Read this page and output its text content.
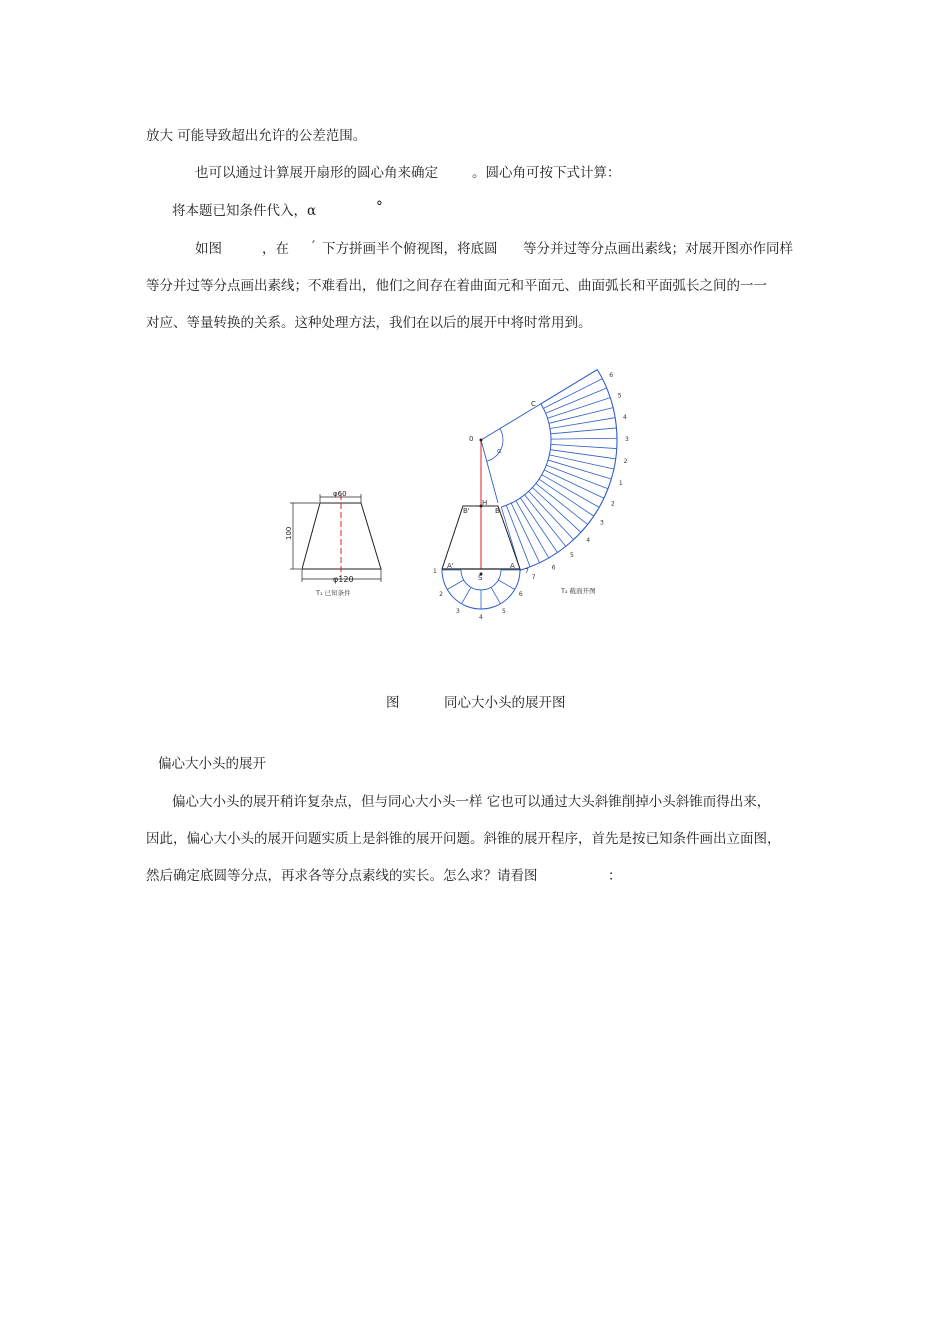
放大 可能导致超出允许的公差范围。
也可以通过计算展开扇形的圆心角来确定	。圆心角可按下式计算：
将本题已知条件代入，α	°
如图	，在 ′ 下方拼画半个俯视图，将底圆 等分并过等分点画出素线；对展开图亦作同样
等分并过等分点画出素线；不难看出，他们之间存在着曲面元和平面元、曲面弧长和平面弧长之间的一一
对应、等量转换的关系。这种处理方法，我们在以后的展开中将时常用到。
φ60
100
φ120
T₁ 已知条件
0
α
C
H
B'	B
A'	A
S
T₂ 截面开图
1
2
3
4
5
6
7
7
6
5
4
3
2
1
2
3
4
5
6
图	同心大小头的展开图
偏心大小头的展开
偏心大小头的展开稍许复杂点，但与同心大小头一样 它也可以通过大头斜锥削掉小头斜锥而得出来，
因此，偏心大小头的展开问题实质上是斜锥的展开问题。斜锥的展开程序，首先是按已知条件画出立面图，
然后确定底圆等分点，再求各等分点素线的实长。怎么求？请看图	：
